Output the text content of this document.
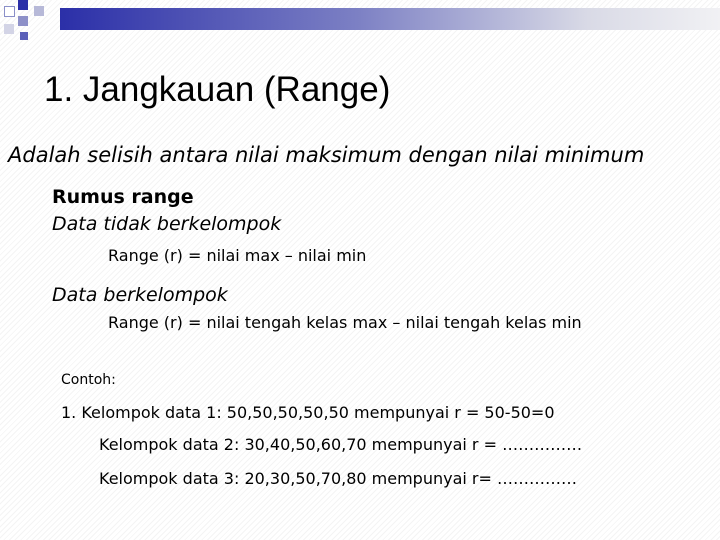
1. Jangkauan (Range)
Adalah selisih antara nilai maksimum dengan nilai minimum
Rumus range
Data tidak berkelompok
Range (r) = nilai max – nilai min
Data berkelompok
Range (r) = nilai tengah kelas max – nilai tengah kelas min
Contoh:
1. Kelompok data 1: 50,50,50,50,50 mempunyai r = 50-50=0
Kelompok data 2: 30,40,50,60,70 mempunyai r = ……………
Kelompok data 3: 20,30,50,70,80 mempunyai r= ……………
